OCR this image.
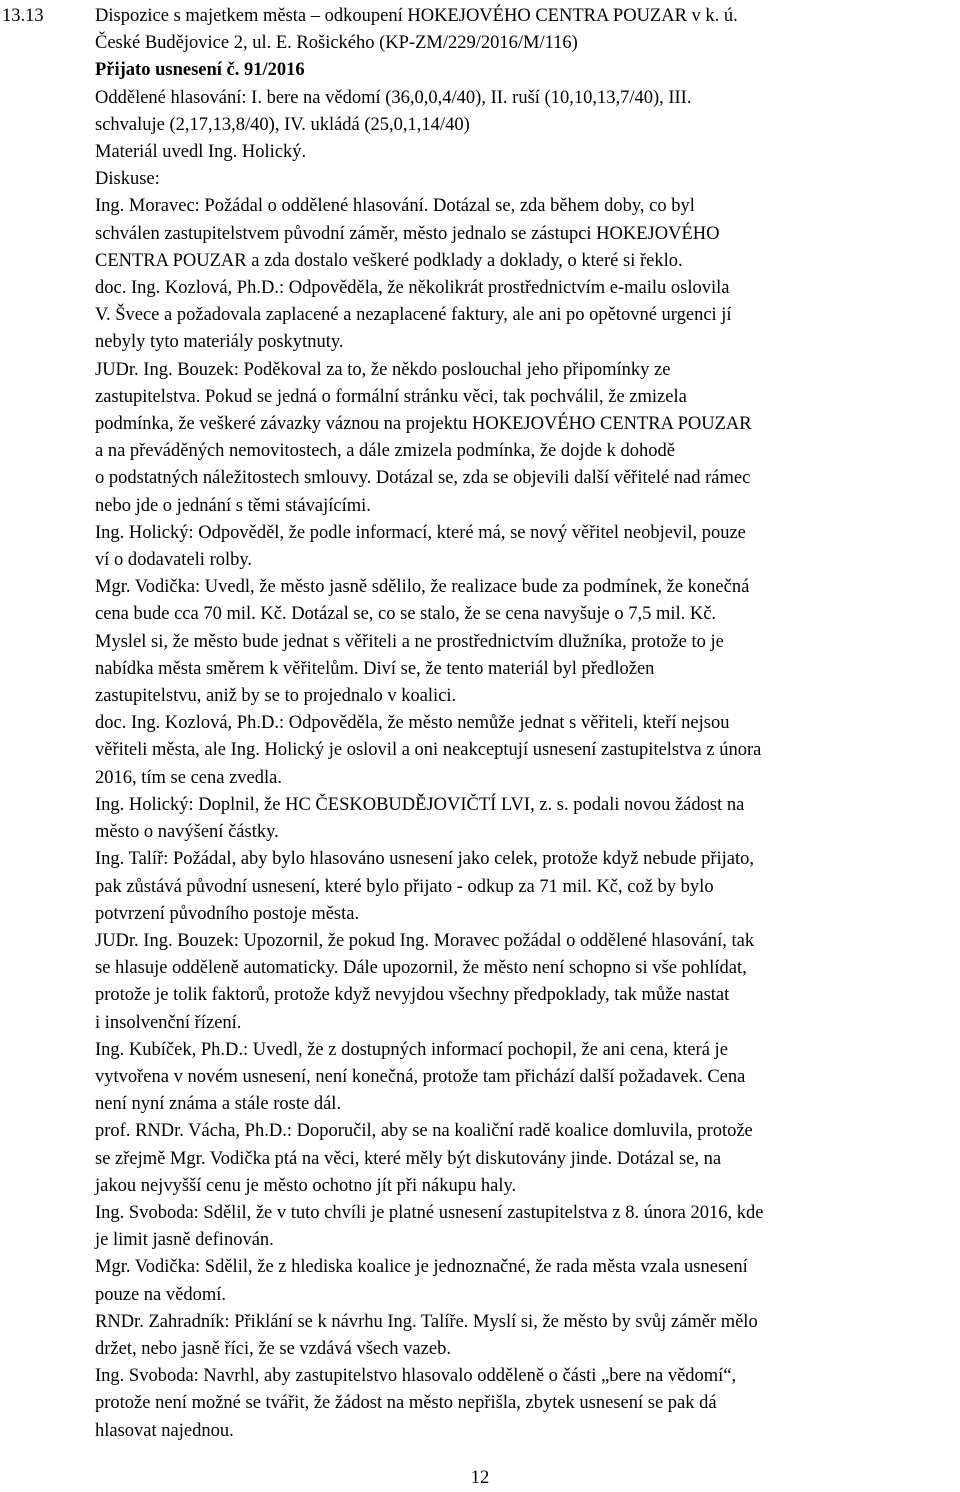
13.13	Dispozice s majetkem města – odkoupení HOKEJOVÉHO CENTRA POUZAR v k. ú.

České Budějovice 2, ul. E. Rošického (KP-ZM/229/2016/M/116)

Přijato usnesení č. 91/2016

Oddělené hlasování: I. bere na vědomí (36,0,0,4/40), II. ruší (10,10,13,7/40), III.

schvaluje (2,17,13,8/40), IV. ukládá (25,0,1,14/40)

Materiál uvedl Ing. Holický.

Diskuse:

Ing. Moravec: Požádal o oddělené hlasování. Dotázal se, zda během doby, co byl

schválen zastupitelstvem původní záměr, město jednalo se zástupci HOKEJOVÉHO

CENTRA POUZAR a zda dostalo veškeré podklady a doklady, o které si řeklo.

doc. Ing. Kozlová, Ph.D.: Odpověděla, že několikrát prostřednictvím e-mailu oslovila

V. Švece a požadovala zaplacené a nezaplacené faktury, ale ani po opětovné urgenci jí

nebyly tyto materiály poskytnuty.

JUDr. Ing. Bouzek: Poděkoval za to, že někdo poslouchal jeho připomínky ze

zastupitelstva. Pokud se jedná o formální stránku věci, tak pochválil, že zmizela

podmínka, že veškeré závazky váznou na projektu HOKEJOVÉHO CENTRA POUZAR

a na převáděných nemovitostech, a dále zmizela podmínka, že dojde k dohodě

o podstatných náležitostech smlouvy. Dotázal se, zda se objevili další věřitelé nad rámec

nebo jde o jednání s těmi stávajícími.

Ing. Holický: Odpověděl, že podle informací, které má, se nový věřitel neobjevil, pouze

ví o dodavateli rolby.

Mgr. Vodička: Uvedl, že město jasně sdělilo, že realizace bude za podmínek, že konečná

cena bude cca 70 mil. Kč. Dotázal se, co se stalo, že se cena navyšuje o 7,5 mil. Kč.

Myslel si, že město bude jednat s věřiteli a ne prostřednictvím dlužníka, protože to je

nabídka města směrem k věřitelům. Diví se, že tento materiál byl předložen

zastupitelstvu, aniž by se to projednalo v koalici.

doc. Ing. Kozlová, Ph.D.: Odpověděla, že město nemůže jednat s věřiteli, kteří nejsou

věřiteli města, ale Ing. Holický je oslovil a oni neakceptují usnesení zastupitelstva z února

2016, tím se cena zvedla.

Ing. Holický: Doplnil, že HC ČESKOBUDĚJOVIČTÍ LVI, z. s. podali novou žádost na

město o navýšení částky.

Ing. Talíř: Požádal, aby bylo hlasováno usnesení jako celek, protože když nebude přijato,

pak zůstává původní usnesení, které bylo přijato - odkup za 71 mil. Kč, což by bylo

potvrzení původního postoje města.

JUDr. Ing. Bouzek: Upozornil, že pokud Ing. Moravec požádal o oddělené hlasování, tak

se hlasuje odděleně automaticky. Dále upozornil, že město není schopno si vše pohlídat,

protože je tolik faktorů, protože když nevyjdou všechny předpoklady, tak může nastat

i insolvenční řízení.

Ing. Kubíček, Ph.D.: Uvedl, že z dostupných informací pochopil, že ani cena, která je

vytvořena v novém usnesení, není konečná, protože tam přichází další požadavek. Cena

není nyní známa a stále roste dál.

prof. RNDr. Vácha, Ph.D.: Doporučil, aby se na koaliční radě koalice domluvila, protože

se zřejmě Mgr. Vodička ptá na věci, které měly být diskutovány jinde. Dotázal se, na

jakou nejvyšší cenu je město ochotno jít při nákupu haly.

Ing. Svoboda: Sdělil, že v tuto chvíli je platné usnesení zastupitelstva z 8. února 2016, kde

je limit jasně definován.

Mgr. Vodička: Sdělil, že z hlediska koalice je jednoznačné, že rada města vzala usnesení

pouze na vědomí.

RNDr. Zahradník: Přiklání se k návrhu Ing. Talíře. Myslí si, že město by svůj záměr mělo

držet, nebo jasně říci, že se vzdává všech vazeb.

Ing. Svoboda: Navrhl, aby zastupitelstvo hlasovalo odděleně o části „bere na vědomí“,

protože není možné se tvářit, že žádost na město nepřišla, zbytek usnesení se pak dá

hlasovat najednou.

12
